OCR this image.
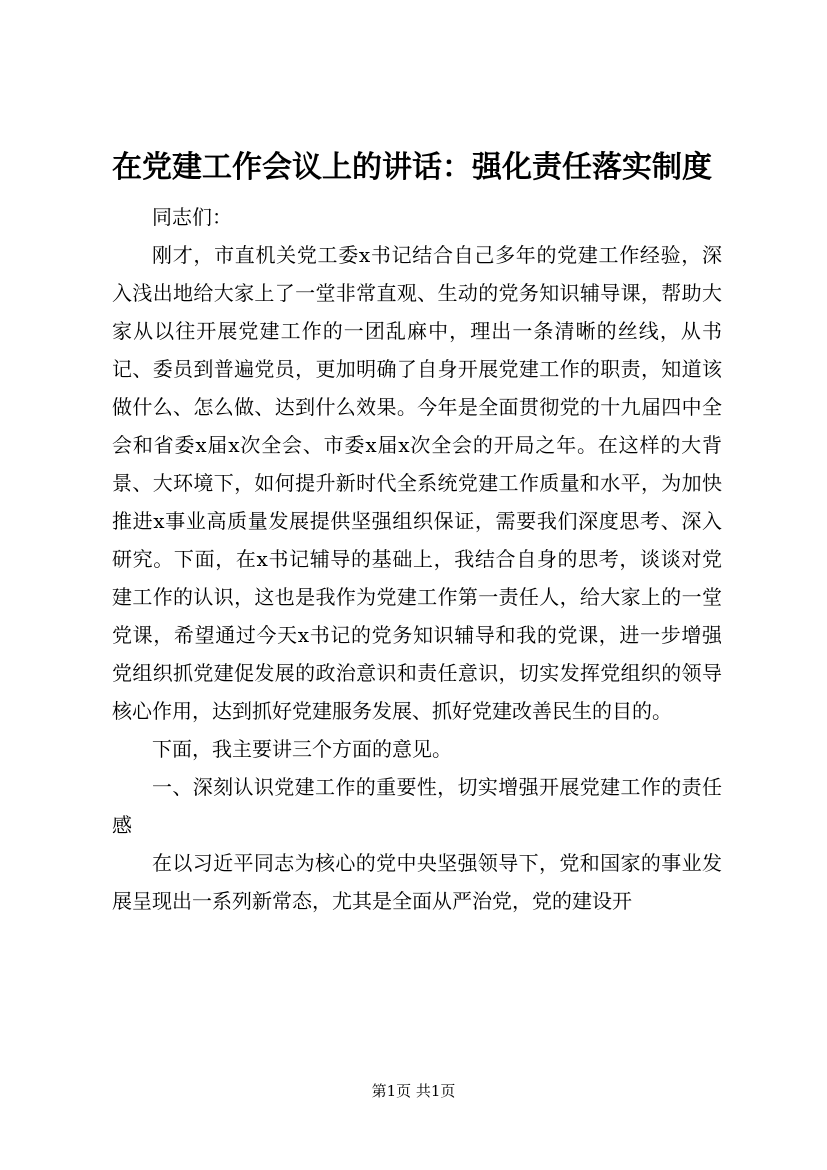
在党建工作会议上的讲话：强化责任落实制度

同志们：

刚才，市直机关党工委x书记结合自己多年的党建工作经验，深入浅出地给大家上了一堂非常直观、生动的党务知识辅导课，帮助大家从以往开展党建工作的一团乱麻中，理出一条清晰的丝线，从书记、委员到普遍党员，更加明确了自身开展党建工作的职责，知道该做什么、怎么做、达到什么效果。今年是全面贯彻党的十九届四中全会和省委x届x次全会、市委x届x次全会的开局之年。在这样的大背景、大环境下，如何提升新时代全系统党建工作质量和水平，为加快推进x事业高质量发展提供坚强组织保证，需要我们深度思考、深入研究。下面，在x书记辅导的基础上，我结合自身的思考，谈谈对党建工作的认识，这也是我作为党建工作第一责任人，给大家上的一堂党课，希望通过今天x书记的党务知识辅导和我的党课，进一步增强党组织抓党建促发展的政治意识和责任意识，切实发挥党组织的领导核心作用，达到抓好党建服务发展、抓好党建改善民生的目的。

下面，我主要讲三个方面的意见。

一、深刻认识党建工作的重要性，切实增强开展党建工作的责任感

在以习近平同志为核心的党中央坚强领导下，党和国家的事业发展呈现出一系列新常态，尤其是全面从严治党，党的建设开

第1页 共1页
